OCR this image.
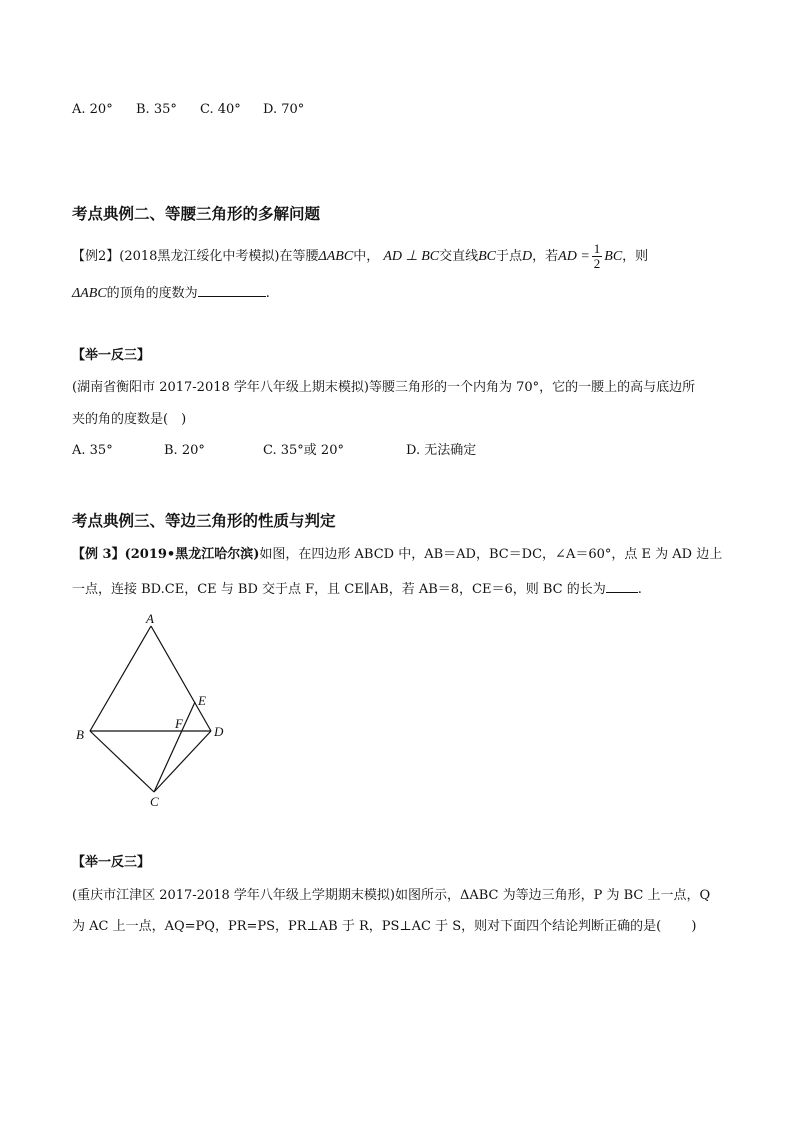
A. 20° B. 35° C. 40° D. 70°
考点典例二、等腰三角形的多解问题
【例2】(2018黑龙江绥化中考模拟)在等腰ΔABC中， AD ⊥ BC交直线BC于点D，若AD = $\frac{1}{2}$ BC，则
ΔABC的顶角的度数为	.
【举一反三】
(湖南省衡阳市 2017-2018 学年八年级上期末模拟)等腰三角形的一个内角为 70°，它的一腰上的高与底边所
夹的角的度数是(　)
A. 35°	B. 20°	C. 35°或 20°	D. 无法确定
考点典例三、等边三角形的性质与判定
【例 3】(2019•黑龙江哈尔滨)如图，在四边形 ABCD 中，AB＝AD，BC＝DC，∠A＝60°，点 E 为 AD 边上
一点，连接 BD.CE，CE 与 BD 交于点 F，且 CE∥AB，若 AB＝8，CE＝6，则 BC 的长为 .
A
B
C
D
E
F
【举一反三】
(重庆市江津区 2017-2018 学年八年级上学期期末模拟)如图所示，ΔABC 为等边三角形，P 为 BC 上一点，Q
为 AC 上一点，AQ=PQ，PR=PS，PR⊥AB 于 R，PS⊥AC 于 S，则对下面四个结论判断正确的是(　　 )
